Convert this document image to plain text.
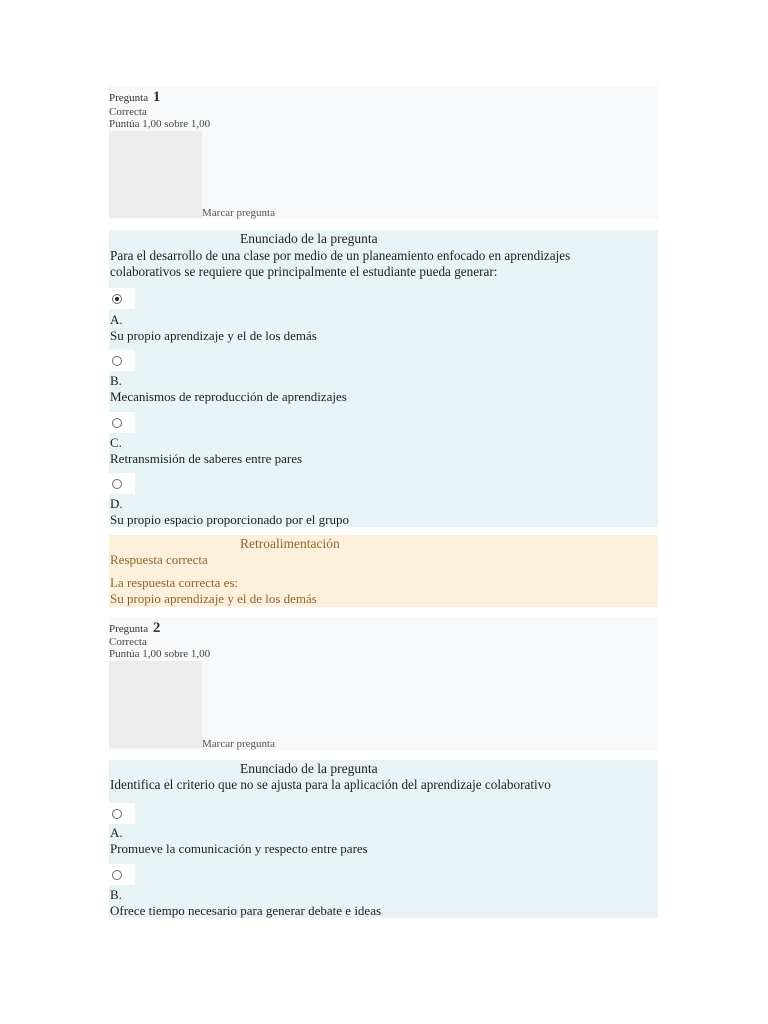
Pregunta 1
Correcta
Puntúa 1,00 sobre 1,00
Marcar pregunta
Enunciado de la pregunta
Para el desarrollo de una clase por medio de un planeamiento enfocado en aprendizajes
colaborativos se requiere que principalmente el estudiante pueda generar:
A.
Su propio aprendizaje y el de los demás
B.
Mecanismos de reproducción de aprendizajes
C.
Retransmisión de saberes entre pares
D.
Su propio espacio proporcionado por el grupo
Retroalimentación
Respuesta correcta
La respuesta correcta es:
Su propio aprendizaje y el de los demás
Pregunta 2
Correcta
Puntúa 1,00 sobre 1,00
Marcar pregunta
Enunciado de la pregunta
Identifica el criterio que no se ajusta para la aplicación del aprendizaje colaborativo
A.
Promueve la comunicación y respecto entre pares
B.
Ofrece tiempo necesario para generar debate e ideas
